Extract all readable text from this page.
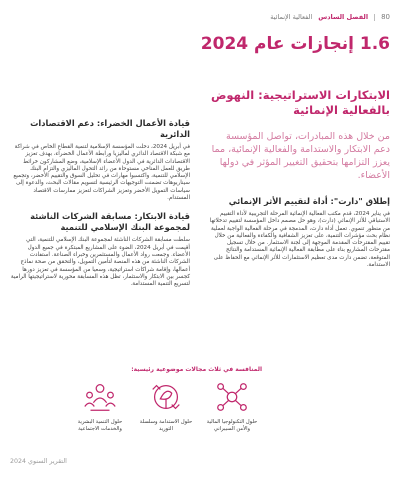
80
الفصل السادس
الفعالية الإنمائية
1.6 إنجازات عام 2024
الابتكارات الاستراتيجية: النهوض بالفعالية الإنمائية
من خلال هذه المبادرات، تواصل المؤسسة دعم الابتكار والاستدامة والفعالية الإنمائية، مما يعزز التزامها بتحقيق التغيير المؤثر في دولها الأعضاء.
إطلاق "دارت": أداة لتقييم الأثر الإنمائي
في يناير 2024، قدم مكتب الفعالية الإنمائية المرحلة التجريبية لأداة التقييم الاستباقي للأثر الإنمائي (دارت)، وهو حل مصمم داخل المؤسسة لتقييم تدخلاتها من منظور تنموي. تعمل أداة دارت، المدمجة في مرحلة الفعالية الواجبة لعملية نظام بحث مؤشرات التنمية، على تعزيز الشفافية والكفاءة والفعالية من خلال تقييم المقترحات المقدمة الموجهة إلى لجنة الاستثمار. من خلال تسجيل مقترحات المشاريع بناء على مطابقة الفعالية الإنمائية المستدامة والنتائج المتوقعة، تضمن دارت مدى تعظيم الاستثمارات للأثر الإنمائي مع الحفاظ على الاستدامة.
قيادة الأعمال الخضراء: دعم الاقتصادات الدائرية
في أبريل 2024، دخلت المؤسسة الإسلامية لتنمية القطاع الخاص في شراكة مع شبكة الاقتصاد الدائري لماليزيا ورابطة الأعمال الخضراء، بهدف تعزيز الاقتصادات الدائرية في الدول الأعضاء الإسلامية، وضع المشاركون خرائط طريق للعمل المناخي مستوحاة من رائد التحول الماليزي والتزام البنك الإسلامي للتنمية، واكتسبوا مهارات في تحليل السوق والتقييم الأخضر، وتجميع سيناريوهات تضمنت التوجيهات الرئيسية لتسويم مقالات البحث، والدعوة إلى سياسات التمويل الأخضر وتعزيز الشراكات لتعزيز ممارسات الاقتصاد المستدام.
قيادة الابتكار: مسابقة الشركات الناشئة لمجموعة البنك الإسلامي للتنمية
سلطت مسابقة الشركات الناشئة لمجموعة البنك الإسلامي للتنمية، التي أقيمت في أبريل 2024، الضوء على المشاريع المبتكرة في جميع الدول الأعضاء. وجمعت رواد الأعمال والمستثمرين وخبراء الصناعة. استفادت الشركات الناشئة من هذه المنصة لتأمين التمويل، والتحقق من صحة نماذج أعمالها، وإقامة شراكات استراتيجية، وسعيا من المؤسسة في تعزيز دورها كجسر بين الابتكار والاستثمار، تظل هذه المسابقة محورية لاستراتيجيتها الرامية لتسريع التنمية المستدامة.
المنافسة في ثلاث مجالات موضوعية رئيسية:
حلول التكنولوجيا المالية والأمن السيبراني
حلول الاستدامة وسلسلة التوريد
حلول التنمية البشرية والخدمات الاجتماعية
التقرير السنوي 2024
